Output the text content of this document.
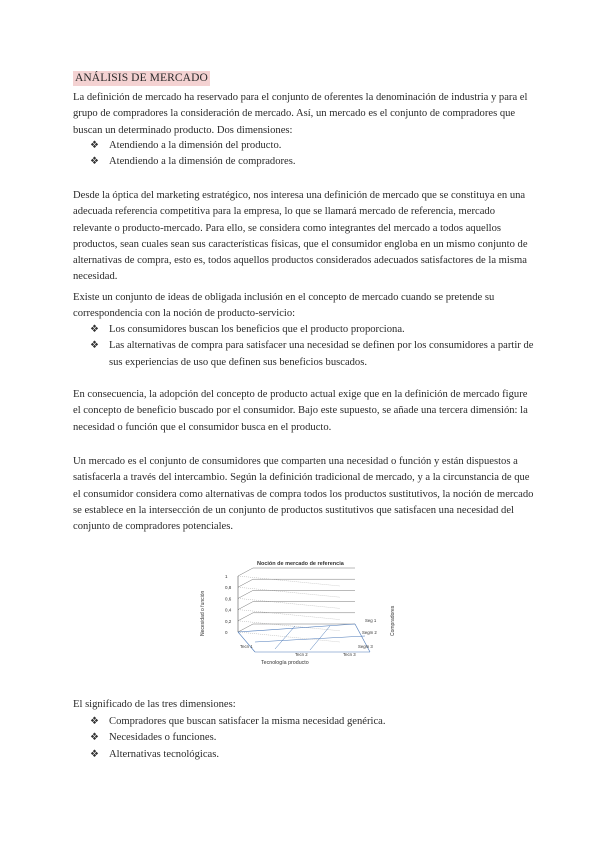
ANÁLISIS DE MERCADO

La definición de mercado ha reservado para el conjunto de oferentes la denominación de industria y para el grupo de compradores la consideración de mercado. Así, un mercado es el conjunto de compradores que buscan un determinado producto. Dos dimensiones:

❖ Atendiendo a la dimensión del producto.
❖ Atendiendo a la dimensión de compradores.

Desde la óptica del marketing estratégico, nos interesa una definición de mercado que se constituya en una adecuada referencia competitiva para la empresa, lo que se llamará mercado de referencia, mercado relevante o producto-mercado. Para ello, se considera como integrantes del mercado a todos aquellos productos, sean cuales sean sus características físicas, que el consumidor engloba en un mismo conjunto de alternativas de compra, esto es, todos aquellos productos considerados adecuados satisfactores de la misma necesidad.

Existe un conjunto de ideas de obligada inclusión en el concepto de mercado cuando se pretende su correspondencia con la noción de producto-servicio:

❖ Los consumidores buscan los beneficios que el producto proporciona.
❖ Las alternativas de compra para satisfacer una necesidad se definen por los consumidores a partir de sus experiencias de uso que definen sus beneficios buscados.

En consecuencia, la adopción del concepto de producto actual exige que en la definición de mercado figure el concepto de beneficio buscado por el consumidor. Bajo este supuesto, se añade una tercera dimensión: la necesidad o función que el consumidor busca en el producto.

Un mercado es el conjunto de consumidores que comparten una necesidad o función y están dispuestos a satisfacerla a través del intercambio. Según la definición tradicional de mercado, y a la circunstancia de que el consumidor considera como alternativas de compra todos los productos sustitutivos, la noción de mercado se establece en la intersección de un conjunto de productos sustitutivos que satisfacen una necesidad del conjunto de compradores potenciales.

Noción de mercado de referencia
1
0,8
0,6
0,4
0,2
0
Tecn 1
Tecn 2	Tecn 3
Seg 1
Segm 2
Segm 3
Necesidad o función
Tecnología producto
Compradores

El significado de las tres dimensiones:

❖ Compradores que buscan satisfacer la misma necesidad genérica.
❖ Necesidades o funciones.
❖ Alternativas tecnológicas.
